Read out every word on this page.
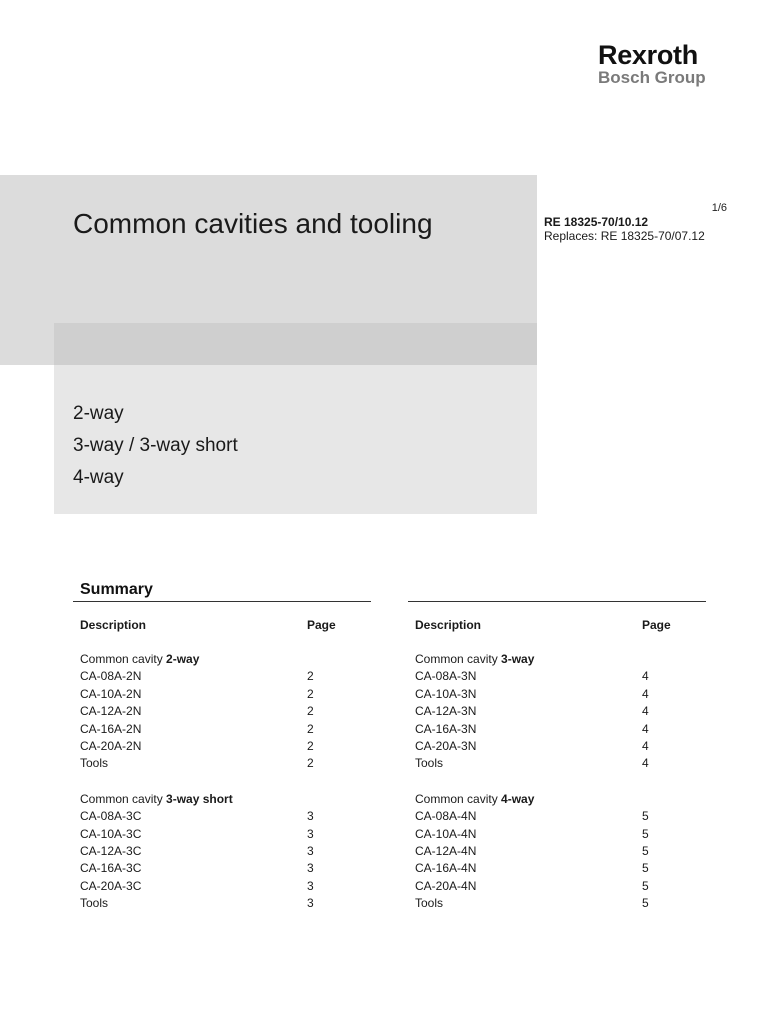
Rexroth
Bosch Group
Common cavities and tooling	1/6
RE 18325-70/10.12
Replaces: RE 18325-70/07.12
2-way
3-way / 3-way short
4-way
Summary
Description	Page
Common cavity 2-way
CA-08A-2N	2
CA-10A-2N	2
CA-12A-2N	2
CA-16A-2N	2
CA-20A-2N	2
Tools	2
Common cavity 3-way short
CA-08A-3C	3
CA-10A-3C	3
CA-12A-3C	3
CA-16A-3C	3
CA-20A-3C	3
Tools	3
Description	Page
Common cavity 3-way
CA-08A-3N	4
CA-10A-3N	4
CA-12A-3N	4
CA-16A-3N	4
CA-20A-3N	4
Tools	4
Common cavity 4-way
CA-08A-4N	5
CA-10A-4N	5
CA-12A-4N	5
CA-16A-4N	5
CA-20A-4N	5
Tools	5
